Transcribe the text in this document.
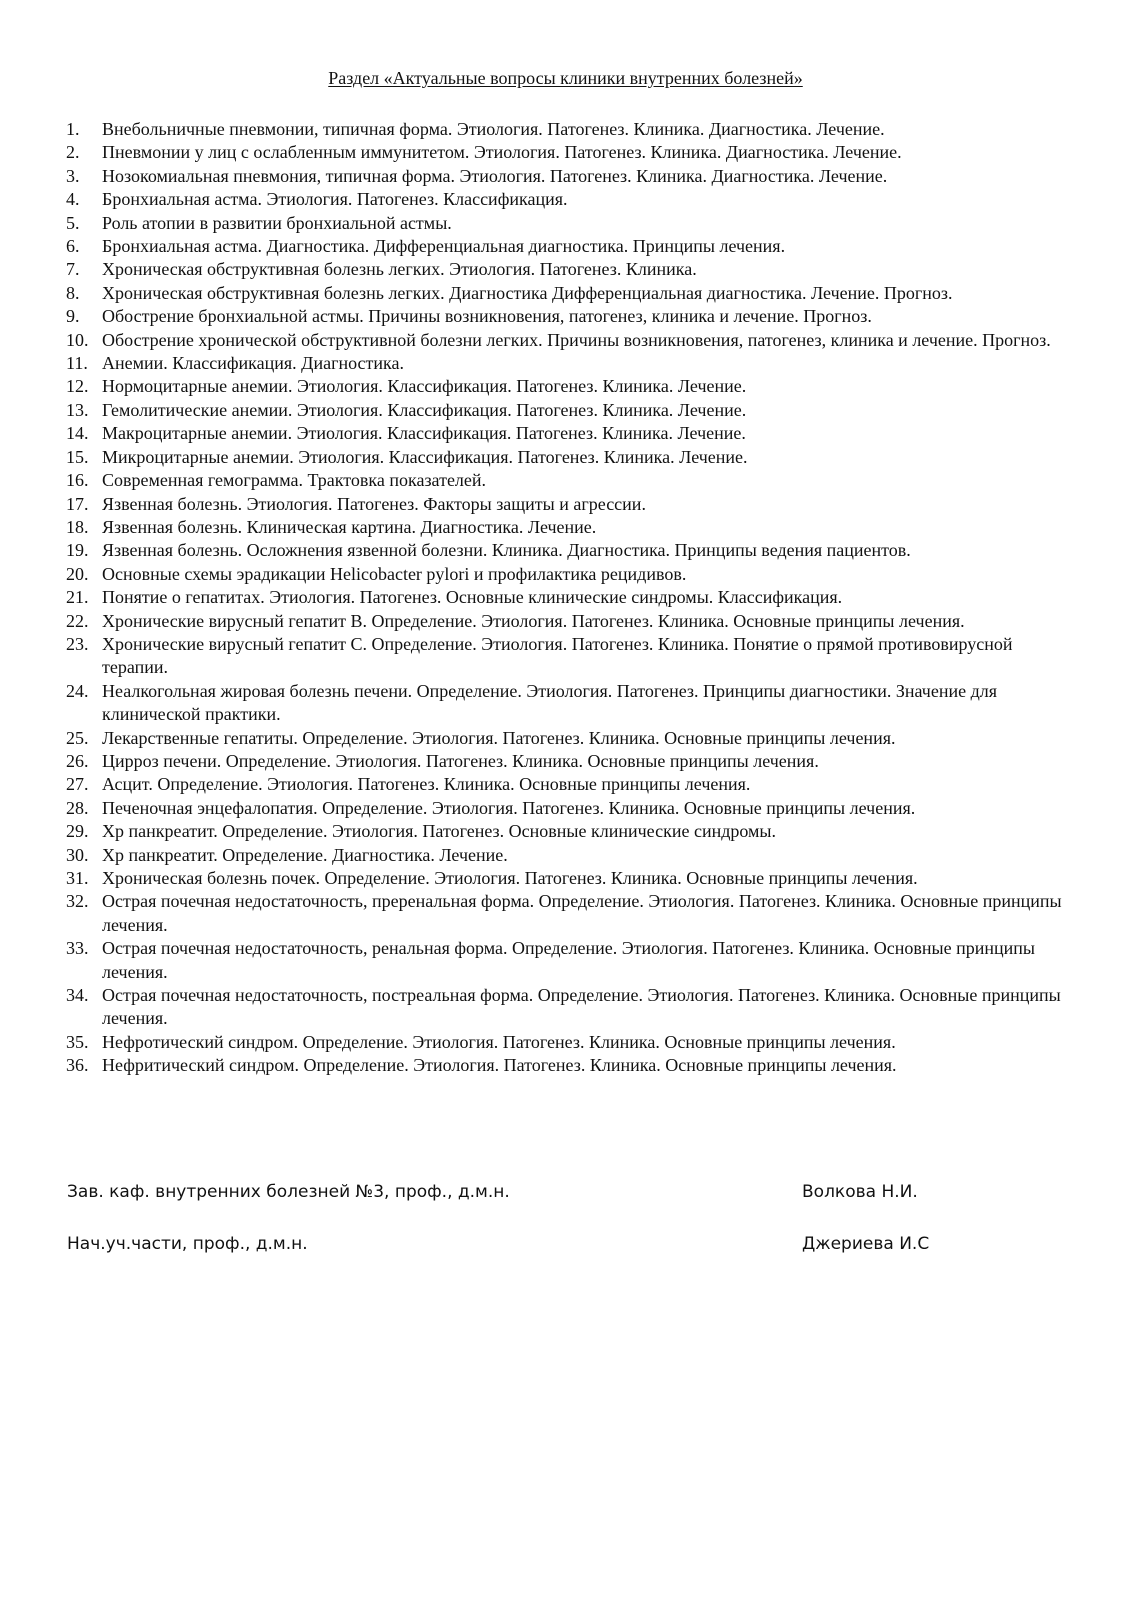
Раздел «Актуальные вопросы клиники внутренних болезней»
1.	Внебольничные пневмонии, типичная форма. Этиология. Патогенез. Клиника. Диагностика. Лечение.
2.	Пневмонии у лиц с ослабленным иммунитетом. Этиология. Патогенез. Клиника. Диагностика. Лечение.
3.	Нозокомиальная пневмония, типичная форма. Этиология. Патогенез. Клиника. Диагностика. Лечение.
4.	Бронхиальная астма. Этиология. Патогенез. Классификация.
5.	Роль атопии в развитии бронхиальной астмы.
6.	Бронхиальная астма. Диагностика. Дифференциальная диагностика. Принципы лечения.
7.	Хроническая обструктивная болезнь легких. Этиология. Патогенез. Клиника.
8.	Хроническая обструктивная болезнь легких. Диагностика Дифференциальная диагностика. Лечение. Прогноз.
9.	Обострение бронхиальной астмы. Причины возникновения, патогенез, клиника и лечение. Прогноз.
10. Обострение хронической обструктивной болезни легких. Причины возникновения, патогенез, клиника и лечение. Прогноз.
11. Анемии. Классификация. Диагностика.
12. Нормоцитарные анемии. Этиология. Классификация. Патогенез. Клиника. Лечение.
13. Гемолитические анемии. Этиология. Классификация. Патогенез. Клиника. Лечение.
14. Макроцитарные анемии. Этиология. Классификация. Патогенез. Клиника. Лечение.
15. Микроцитарные анемии. Этиология. Классификация. Патогенез. Клиника. Лечение.
16. Современная гемограмма. Трактовка показателей.
17. Язвенная болезнь. Этиология. Патогенез. Факторы защиты и агрессии.
18. Язвенная болезнь. Клиническая картина. Диагностика. Лечение.
19. Язвенная болезнь. Осложнения язвенной болезни. Клиника. Диагностика. Принципы ведения пациентов.
20. Основные схемы эрадикации Helicobacter pylori и профилактика рецидивов.
21. Понятие о гепатитах. Этиология. Патогенез. Основные клинические синдромы. Классификация.
22. Хронические вирусный гепатит В. Определение. Этиология. Патогенез. Клиника. Основные принципы лечения.
23. Хронические вирусный гепатит С. Определение. Этиология. Патогенез. Клиника. Понятие о прямой противовирусной терапии.
24. Неалкогольная жировая болезнь печени. Определение. Этиология. Патогенез. Принципы диагностики. Значение для клинической практики.
25. Лекарственные гепатиты. Определение. Этиология. Патогенез. Клиника. Основные принципы лечения.
26. Цирроз печени. Определение. Этиология. Патогенез. Клиника. Основные принципы лечения.
27. Асцит. Определение. Этиология. Патогенез. Клиника. Основные принципы лечения.
28. Печеночная энцефалопатия. Определение. Этиология. Патогенез. Клиника. Основные принципы лечения.
29. Хр панкреатит. Определение. Этиология. Патогенез. Основные клинические синдромы.
30. Хр панкреатит. Определение. Диагностика. Лечение.
31. Хроническая болезнь почек. Определение. Этиология. Патогенез. Клиника. Основные принципы лечения.
32. Острая почечная недостаточность, преренальная форма. Определение. Этиология. Патогенез. Клиника. Основные принципы лечения.
33. Острая почечная недостаточность, ренальная форма. Определение. Этиология. Патогенез. Клиника. Основные принципы лечения.
34. Острая почечная недостаточность, постреальная форма. Определение. Этиология. Патогенез. Клиника. Основные принципы лечения.
35. Нефротический синдром. Определение. Этиология. Патогенез. Клиника. Основные принципы лечения.
36. Нефритический синдром. Определение. Этиология. Патогенез. Клиника. Основные принципы лечения.
Зав. каф. внутренних болезней №3, проф., д.м.н.	Волкова Н.И.
Нач.уч.части, проф., д.м.н.	Джериева И.С
